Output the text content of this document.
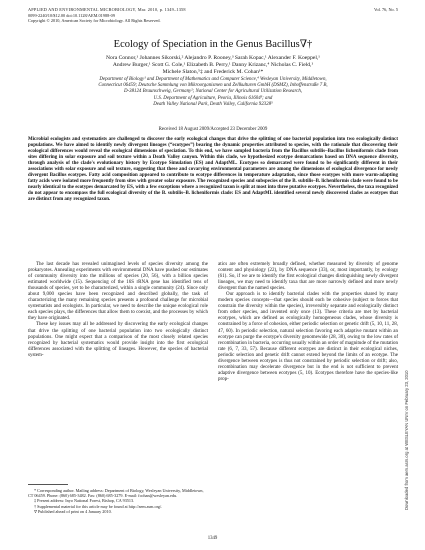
APPLIED AND ENVIRONMENTAL MICROBIOLOGY, Mar. 2010, p. 1349–1358	Vol. 76, No. 5
0099-2240/10/$12.00 doi:10.1128/AEM.01988-09
Copyright © 2010, American Society for Microbiology. All Rights Reserved.
Downloaded from aem.asm.org at WESLEYAN UNIV on February 23, 2010
Ecology of Speciation in the Genus Bacillus∇†
Nora Connor,¹ Johannes Sikorski,² Alejandro P. Rooney,³ Sarah Kopac,¹ Alexander F. Koeppel,¹
Andrew Burger,¹ Scott G. Cole,¹ Elizabeth B. Perry,¹ Danny Krizanc,⁴ Nicholas C. Field,¹
Michele Slaton,⁵‡ and Frederick M. Cohan¹*
Department of Biology¹ and Department of Mathematics and Computer Science,⁴ Wesleyan University, Middletown,
Connecticut 06459; Deutsche Sammlung von Mikroorganismen und Zellkulturen GmbH (DSMZ), Inhoffenstraße 7 B,
D-38124 Braunschweig, Germany²; National Center for Agricultural Utilization Research,
U.S. Department of Agriculture, Peoria, Illinois 61604³; and
Death Valley National Park, Death Valley, California 92328⁵
Received 18 August 2009/Accepted 23 December 2009
Microbial ecologists and systematists are challenged to discover the early ecological changes that drive the splitting of one bacterial population into two ecologically distinct populations. We have aimed to identify newly divergent lineages (“ecotypes”) bearing the dynamic properties attributed to species, with the rationale that discovering their ecological differences would reveal the ecological dimensions of speciation. To this end, we have sampled bacteria from the Bacillus subtilis–Bacillus licheniformis clade from sites differing in solar exposure and soil texture within a Death Valley canyon. Within this clade, we hypothesized ecotype demarcations based on DNA sequence diversity, through analysis of the clade's evolutionary history by Ecotype Simulation (ES) and AdaptML. Ecotypes so demarcated were found to be significantly different in their associations with solar exposure and soil texture, suggesting that these and covarying environmental parameters are among the dimensions of ecological divergence for newly divergent Bacillus ecotypes. Fatty acid composition appeared to contribute to ecotype differences in temperature adaptation, since those ecotypes with more warm-adapting fatty acids were isolated more frequently from sites with greater solar exposure. The recognized species and subspecies of the B. subtilis–B. licheniformis clade were found to be nearly identical to the ecotypes demarcated by ES, with a few exceptions where a recognized taxon is split at most into three putative ecotypes. Nevertheless, the taxa recognized do not appear to encompass the full ecological diversity of the B. subtilis–B. licheniformis clade: ES and AdaptML identified several newly discovered clades as ecotypes that are distinct from any recognized taxon.

The last decade has revealed unimagined levels of species diversity among the prokaryotes. Annealing experiments with environmental DNA have pushed our estimates of community diversity into the millions of species (20, 56), with a billion species estimated worldwide (15). Sequencing of the 16S rRNA gene has identified tens of thousands of species, yet to be characterized, within a single community (24). Since only about 9,000 species have been recognized and described globally, the task of characterizing the many remaining species presents a profound challenge for microbial systematists and ecologists. In particular, we need to describe the unique ecological role each species plays, the differences that allow them to coexist, and the processes by which they have originated.

These key issues may all be addressed by discovering the early ecological changes that drive the splitting of one bacterial population into two ecologically distinct populations. One might expect that a comparison of the most closely related species recognized by bacterial systematics would provide insight into the first ecological differences associated with the splitting of lineages. However, the species of bacterial system-

atics are often extremely broadly defined, whether measured by diversity of genome content and physiology (22), by DNA sequence (33), or, most importantly, by ecology (61). So, if we are to identify the first ecological changes distinguishing newly divergent lineages, we may need to identify taxa that are more narrowly defined and more newly divergent than the named species.

Our approach is to identify bacterial clades with the properties shared by many modern species concepts—that species should each be cohesive (subject to forces that constrain the diversity within the species), irreversibly separate and ecologically distinct from other species, and invented only once (13). These criteria are met by bacterial ecotypes, which are defined as ecologically homogeneous clades, whose diversity is constrained by a force of cohesion, either periodic selection or genetic drift (5, 10, 11, 28, 47, 60). In periodic selection, natural selection favoring each adaptive mutant within an ecotype can purge the ecotype's diversity genomewide (28, 30), owing to the low rates of recombination in bacteria, occurring usually within an order of magnitude of the mutation rate (6, 7, 33, 57). Because different ecotypes are distinct in their ecological niches, periodic selection and genetic drift cannot extend beyond the limits of an ecotype. The divergence between ecotypes is thus not constrained by periodic selection or drift; also, recombination may decelerate divergence but in the end is not sufficient to prevent adaptive divergence between ecotypes (5, 10). Ecotypes therefore have the species-like prop-

* Corresponding author. Mailing address: Department of Biology, Wesleyan University, Middletown, CT 06459. Phone: (860) 685-3482. Fax: (860) 685-3279. E-mail: fcohan@wesleyan.edu.

‡ Present address: Inyo National Forest, Bishop, CA 93513.

† Supplemental material for this article may be found at http://aem.asm.org/.

∇ Published ahead of print on 4 January 2010.

1349
